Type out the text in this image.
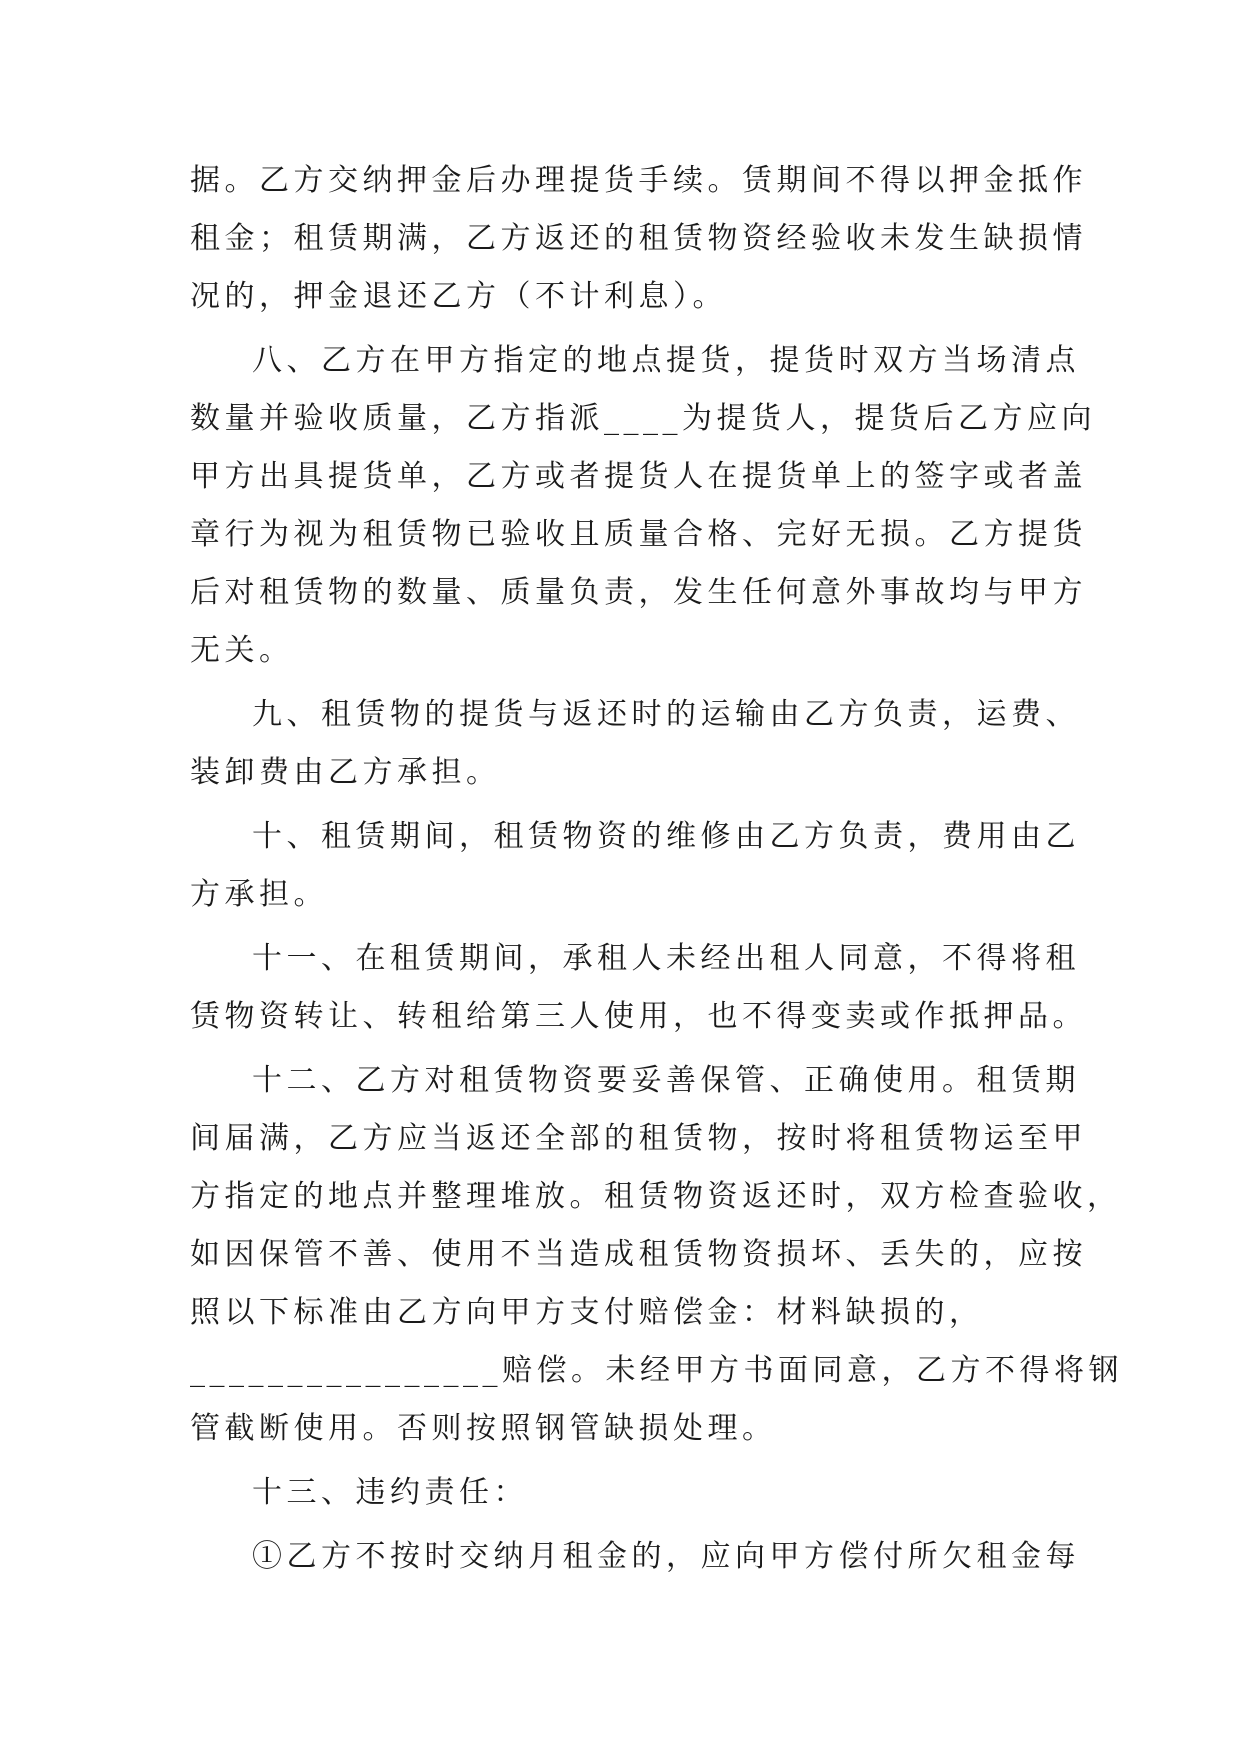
据。乙方交纳押金后办理提货手续。赁期间不得以押金抵作
租金；租赁期满，乙方返还的租赁物资经验收未发生缺损情
况的，押金退还乙方（不计利息）。
八、乙方在甲方指定的地点提货，提货时双方当场清点
数量并验收质量，乙方指派____为提货人，提货后乙方应向
甲方出具提货单，乙方或者提货人在提货单上的签字或者盖
章行为视为租赁物已验收且质量合格、完好无损。乙方提货
后对租赁物的数量、质量负责，发生任何意外事故均与甲方
无关。
九、租赁物的提货与返还时的运输由乙方负责，运费、
装卸费由乙方承担。
十、租赁期间，租赁物资的维修由乙方负责，费用由乙
方承担。
十一、在租赁期间，承租人未经出租人同意，不得将租
赁物资转让、转租给第三人使用，也不得变卖或作抵押品。
十二、乙方对租赁物资要妥善保管、正确使用。租赁期
间届满，乙方应当返还全部的租赁物，按时将租赁物运至甲
方指定的地点并整理堆放。租赁物资返还时，双方检查验收，
如因保管不善、使用不当造成租赁物资损坏、丢失的，应按
照以下标准由乙方向甲方支付赔偿金：材料缺损的，
________________赔偿。未经甲方书面同意，乙方不得将钢
管截断使用。否则按照钢管缺损处理。
十三、违约责任：
①乙方不按时交纳月租金的，应向甲方偿付所欠租金每
